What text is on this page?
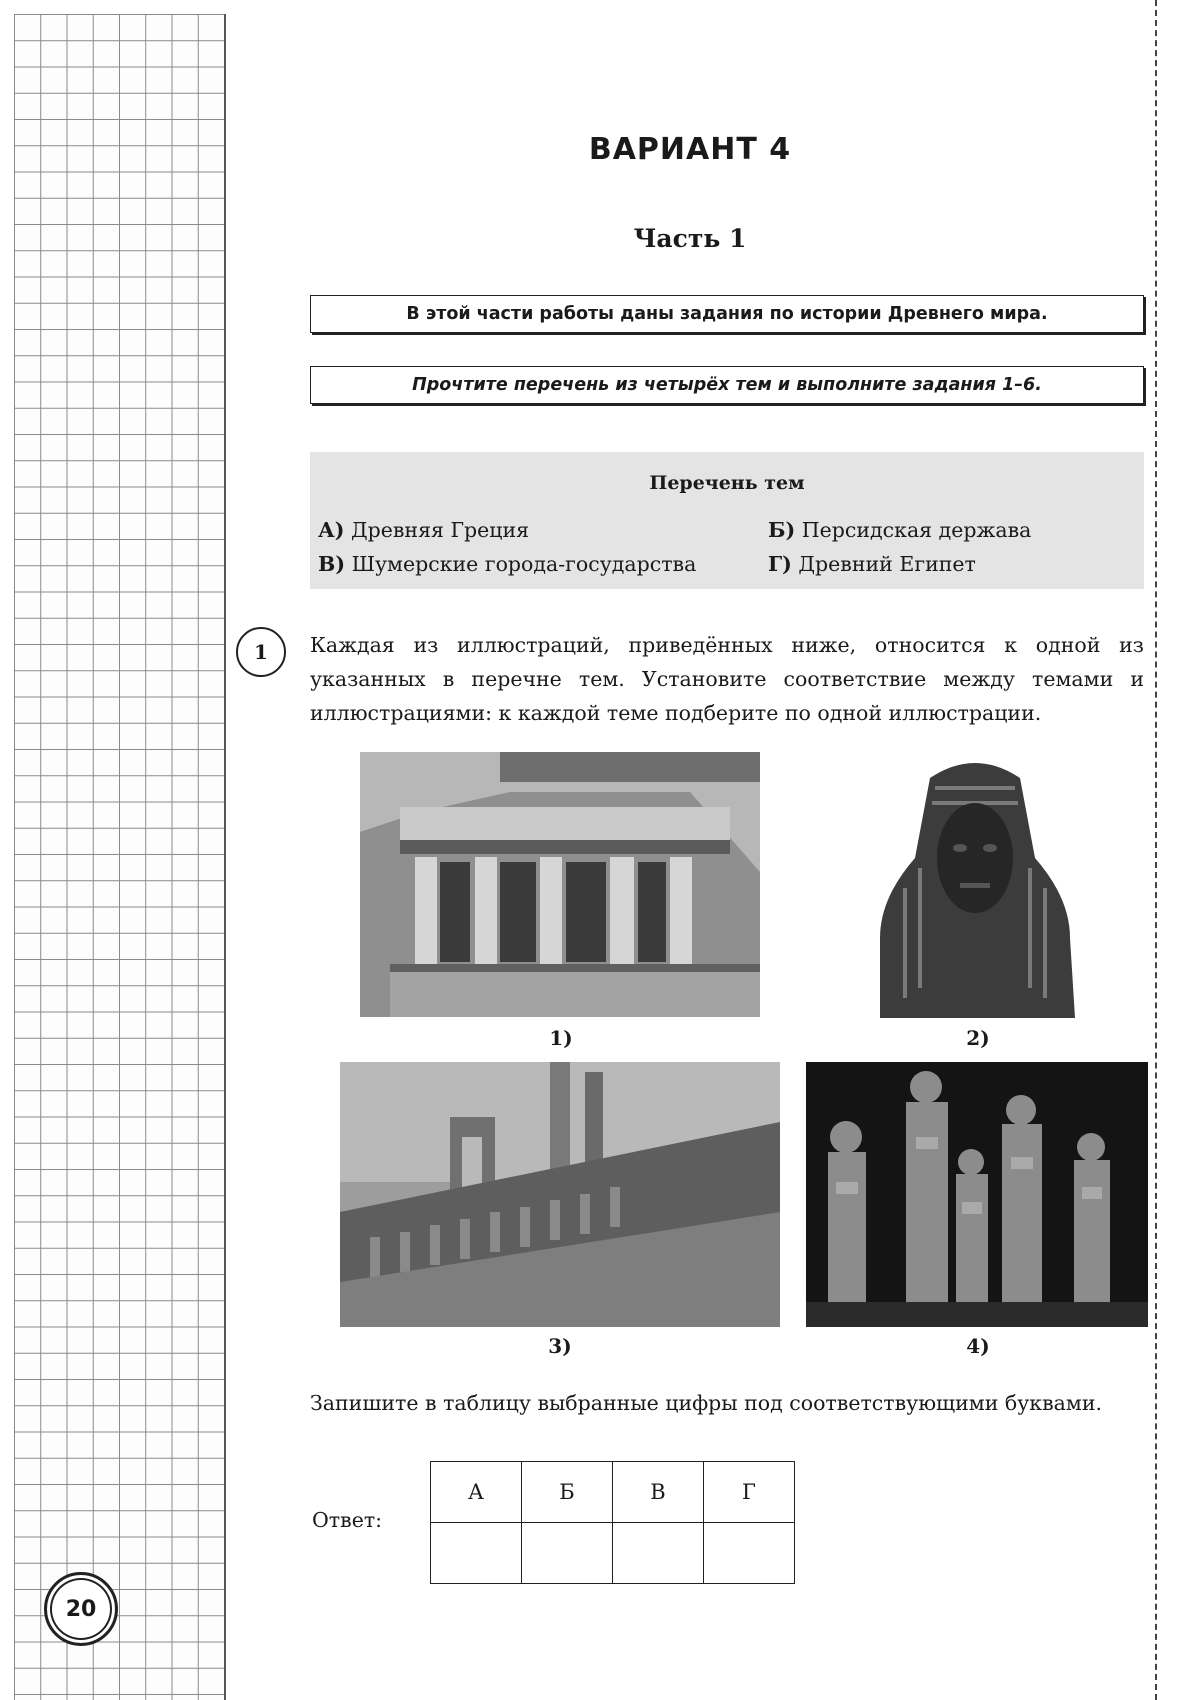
20
ВАРИАНТ 4
Часть 1
В этой части работы даны задания по истории Древнего мира.
Прочтите перечень из четырёх тем и выполните задания 1–6.
Перечень тем
А) Древняя Греция	Б) Персидская держава
В) Шумерские города-государства	Г) Древний Египет
1	Каждая из иллюстраций, приведённых ниже, относится к одной из указанных в перечне тем. Установите соответствие между темами и иллюстрациями: к каждой теме подберите по одной иллюстрации.
1)	2)
3)	4)
Запишите в таблицу выбранные цифры под соответствующими буквами.
Ответ:
А	Б	В	Г
